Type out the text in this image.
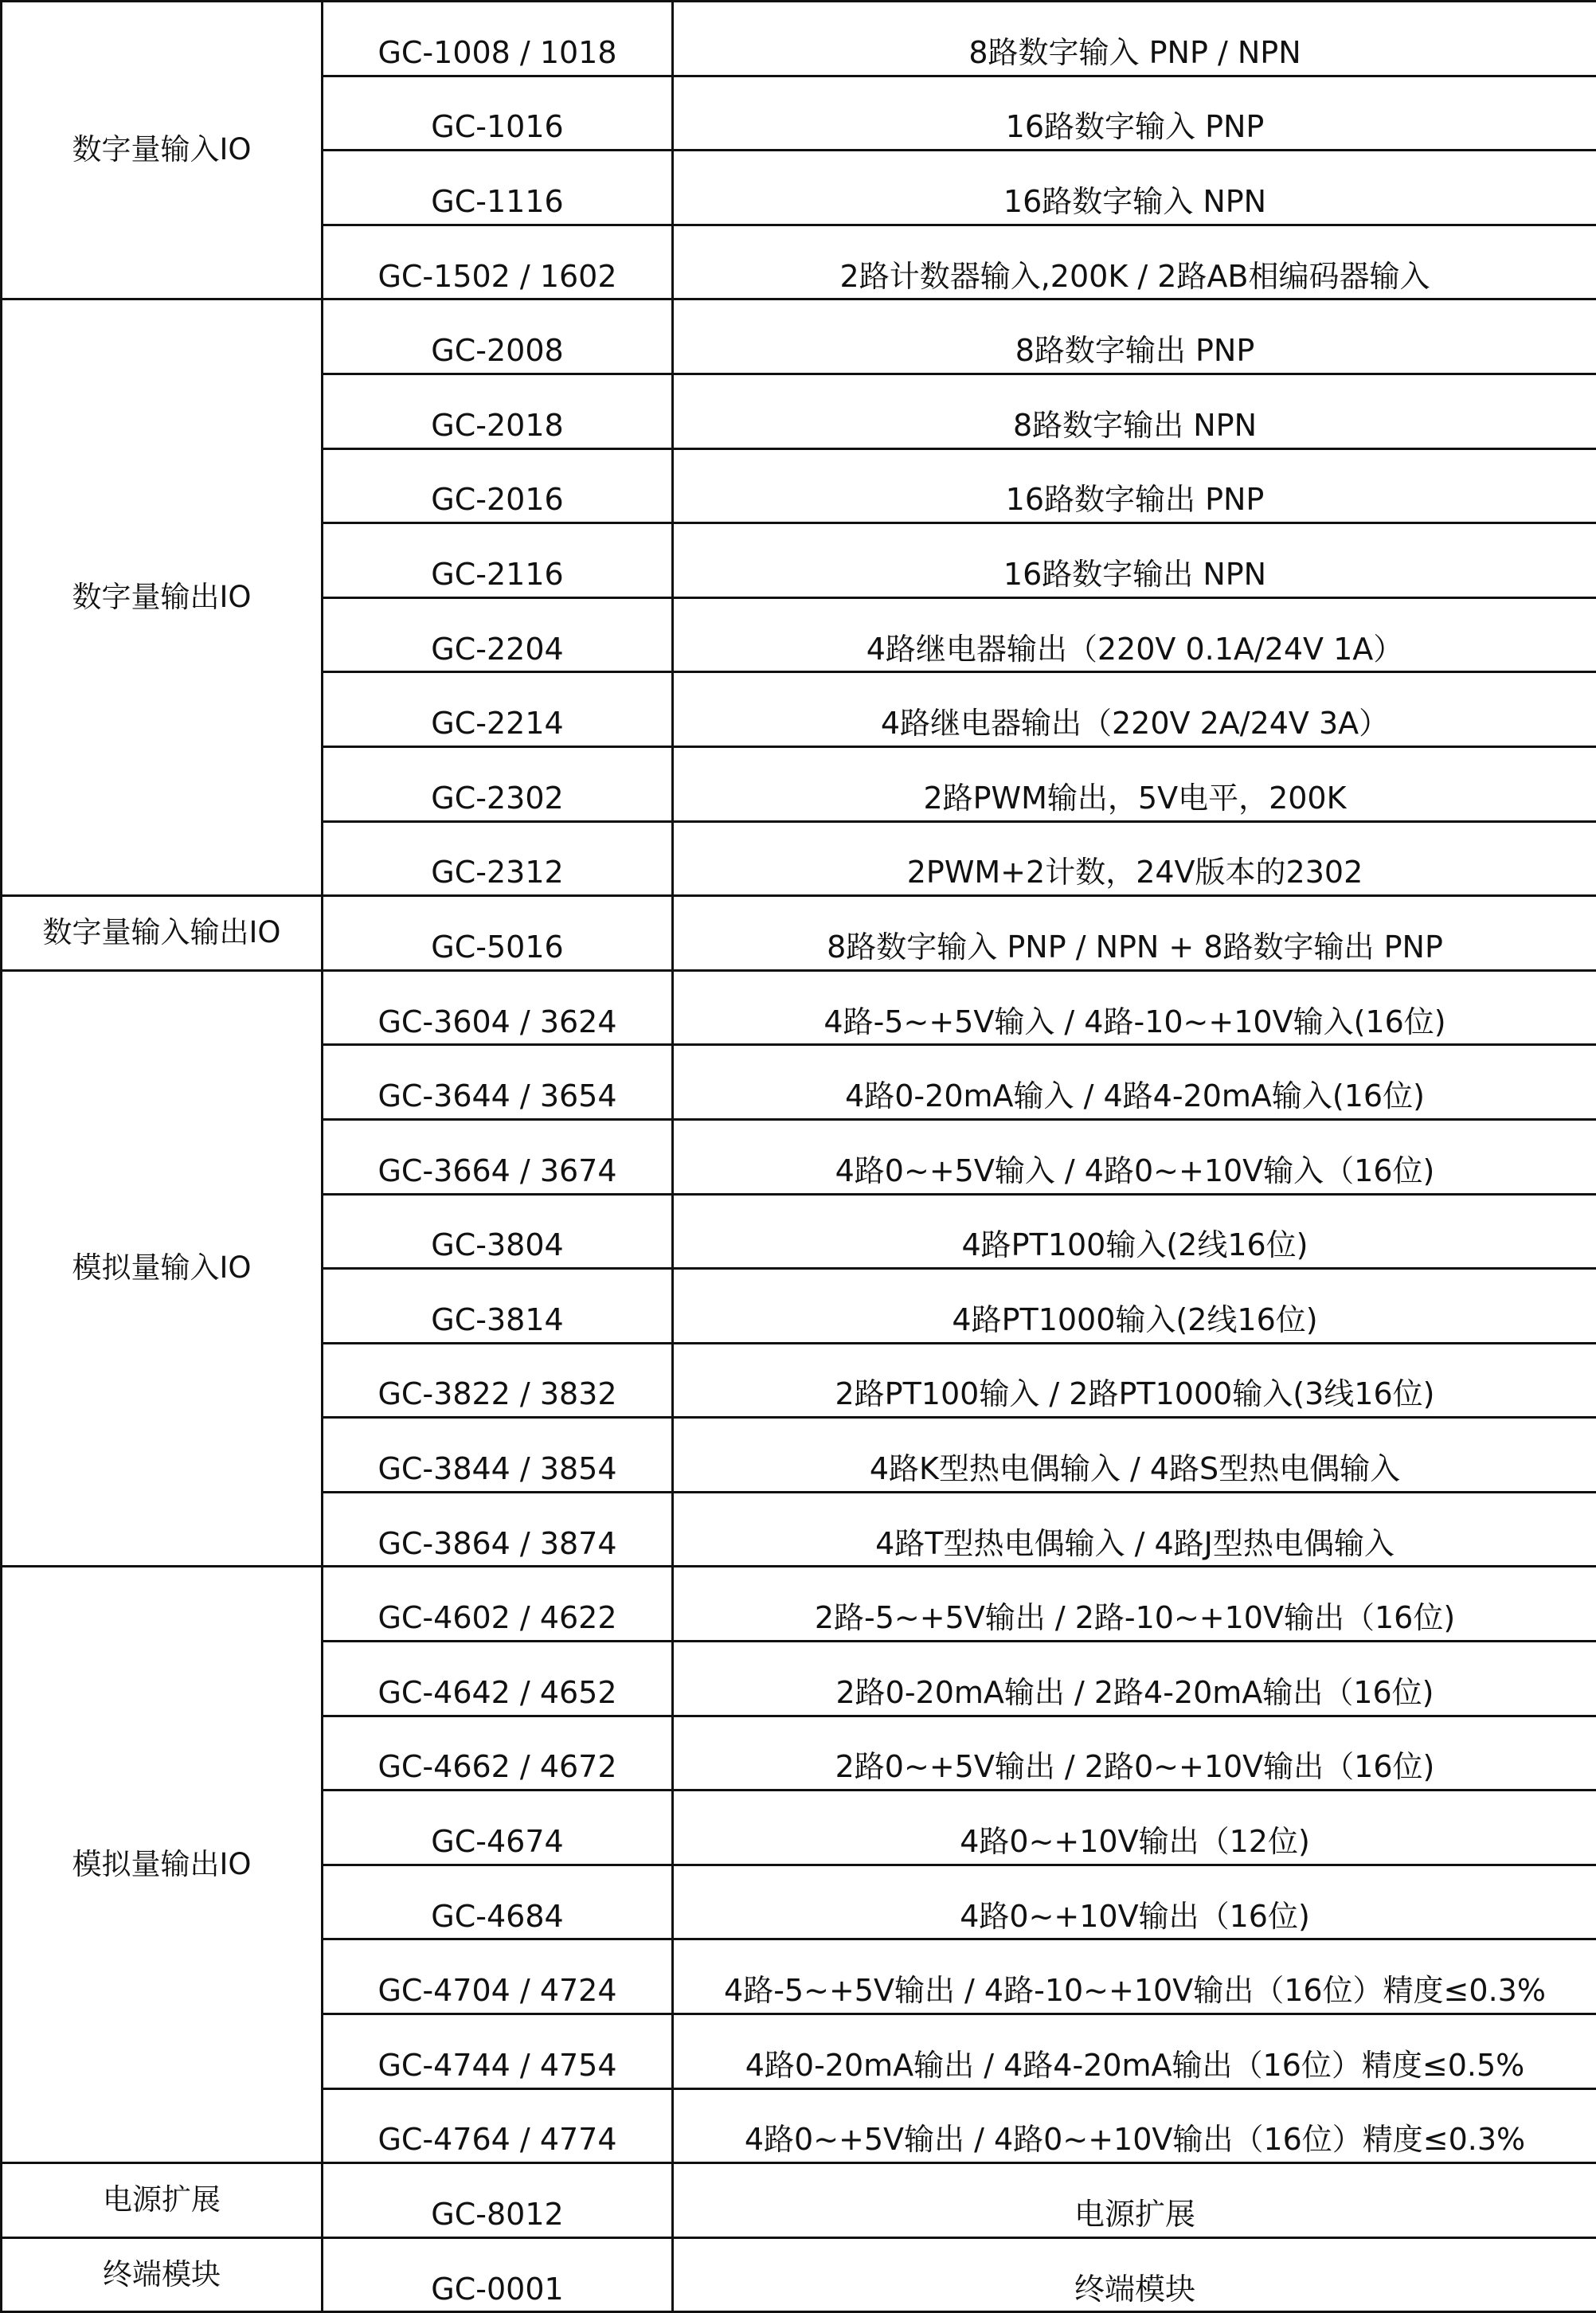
数字量输入IO	GC-1008 / 1018	8路数字输入 PNP / NPN
	GC-1016	16路数字输入 PNP
	GC-1116	16路数字输入 NPN
	GC-1502 / 1602	2路计数器输入,200K / 2路AB相编码器输入
数字量输出IO	GC-2008	8路数字输出 PNP
	GC-2018	8路数字输出 NPN
	GC-2016	16路数字输出 PNP
	GC-2116	16路数字输出 NPN
	GC-2204	4路继电器输出（220V 0.1A/24V 1A）
	GC-2214	4路继电器输出（220V 2A/24V 3A）
	GC-2302	2路PWM输出，5V电平，200K
	GC-2312	2PWM+2计数，24V版本的2302
数字量输入输出IO	GC-5016	8路数字输入 PNP / NPN + 8路数字输出 PNP
模拟量输入IO	GC-3604 / 3624	4路-5~+5V输入 / 4路-10~+10V输入(16位)
	GC-3644 / 3654	4路0-20mA输入 / 4路4-20mA输入(16位)
	GC-3664 / 3674	4路0~+5V输入 / 4路0~+10V输入（16位)
	GC-3804	4路PT100输入(2线16位)
	GC-3814	4路PT1000输入(2线16位)
	GC-3822 / 3832	2路PT100输入 / 2路PT1000输入(3线16位)
	GC-3844 / 3854	4路K型热电偶输入 / 4路S型热电偶输入
	GC-3864 / 3874	4路T型热电偶输入 / 4路J型热电偶输入
模拟量输出IO	GC-4602 / 4622	2路-5~+5V输出 / 2路-10~+10V输出（16位)
	GC-4642 / 4652	2路0-20mA输出 / 2路4-20mA输出（16位)
	GC-4662 / 4672	2路0~+5V输出 / 2路0~+10V输出（16位)
	GC-4674	4路0~+10V输出（12位)
	GC-4684	4路0~+10V输出（16位)
	GC-4704 / 4724	4路-5~+5V输出 / 4路-10~+10V输出（16位）精度≤0.3%
	GC-4744 / 4754	4路0-20mA输出 / 4路4-20mA输出（16位）精度≤0.5%
	GC-4764 / 4774	4路0~+5V输出 / 4路0~+10V输出（16位）精度≤0.3%
电源扩展	GC-8012	电源扩展
终端模块	GC-0001	终端模块
